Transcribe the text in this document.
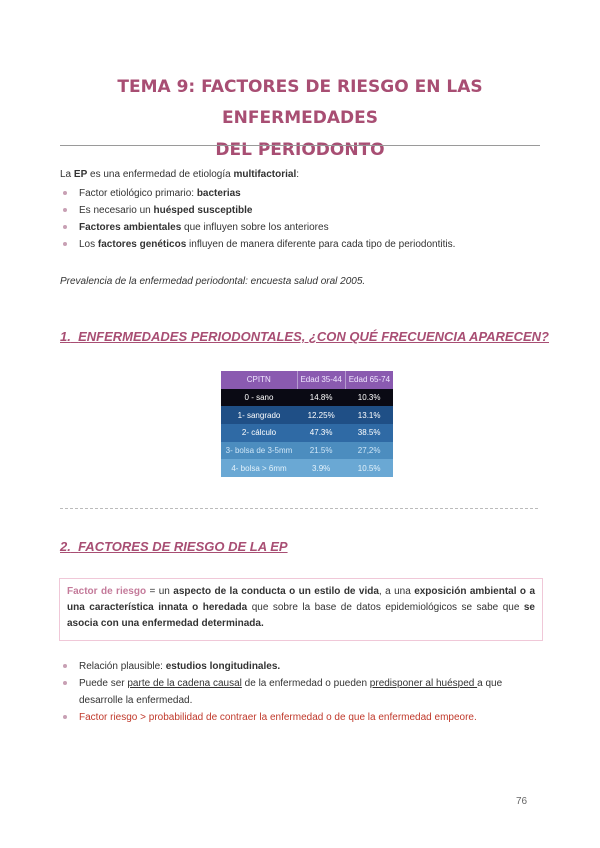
TEMA 9: FACTORES DE RIESGO EN LAS ENFERMEDADES
DEL PERIODONTO
La EP es una enfermedad de etiología multifactorial:
Factor etiológico primario: bacterias
Es necesario un huésped susceptible
Factores ambientales que influyen sobre los anteriores
Los factores genéticos influyen de manera diferente para cada tipo de periodontitis.
Prevalencia de la enfermedad periodontal: encuesta salud oral 2005.
1. ENFERMEDADES PERIODONTALES, ¿CON QUÉ FRECUENCIA APARECEN?
CPITN	Edad 35-44	Edad 65-74
0 - sano	14.8%	10.3%
1- sangrado	12.25%	13.1%
2- cálculo	47.3%	38.5%
3- bolsa de 3-5mm	21.5%	27,2%
4- bolsa > 6mm	3.9%	10.5%
2. FACTORES DE RIESGO DE LA EP
Factor de riesgo = un aspecto de la conducta o un estilo de vida, a una exposición ambiental o a una característica innata o heredada que sobre la base de datos epidemiológicos se sabe que se asocia con una enfermedad determinada.
Relación plausible: estudios longitudinales.
Puede ser parte de la cadena causal de la enfermedad o pueden predisponer al huésped a que desarrolle la enfermedad.
Factor riesgo > probabilidad de contraer la enfermedad o de que la enfermedad empeore.
76
